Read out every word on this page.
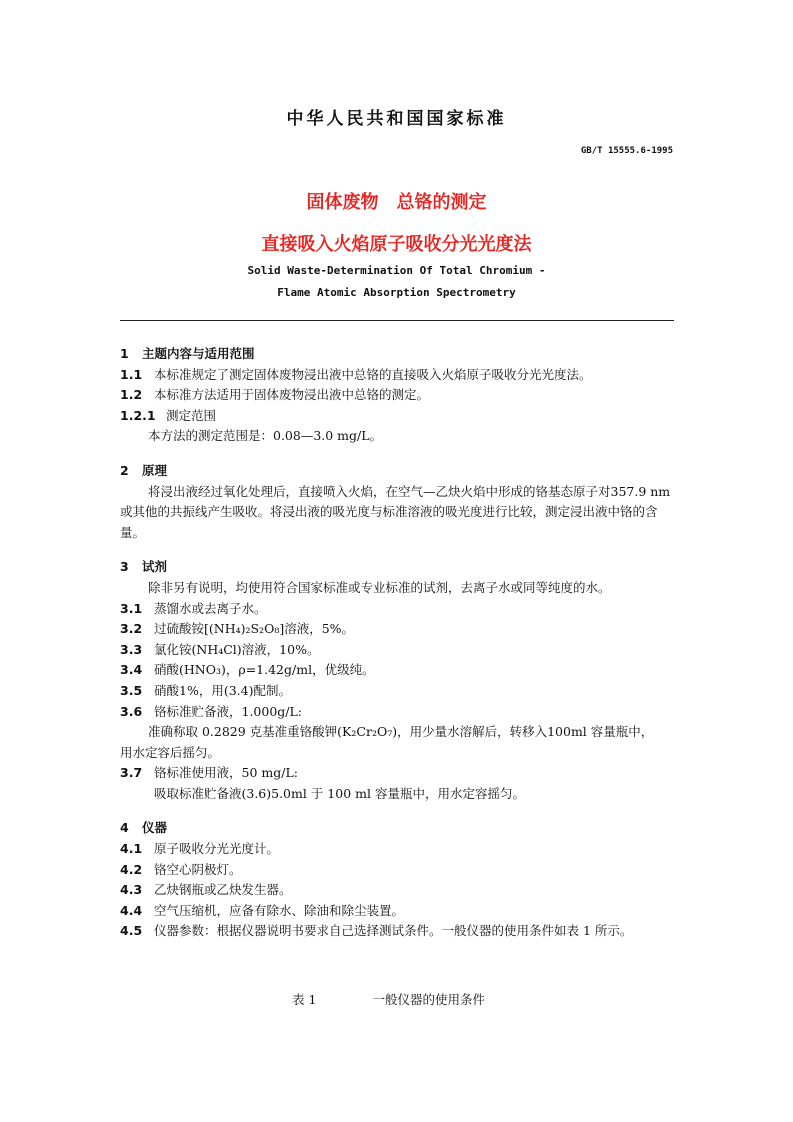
中华人民共和国国家标准
GB/T 15555.6-1995
固体废物　总铬的测定
直接吸入火焰原子吸收分光光度法
Solid Waste-Determination Of Total Chromium -
Flame Atomic Absorption Spectrometry
1 主题内容与适用范围
1.1 本标准规定了测定固体废物浸出液中总铬的直接吸入火焰原子吸收分光光度法。
1.2 本标准方法适用于固体废物浸出液中总铬的测定。
1.2.1 测定范围
本方法的测定范围是：0.08—3.0 mg/L。
2 原理
将浸出液经过氧化处理后，直接喷入火焰，在空气—乙炔火焰中形成的铬基态原子对357.9 nm 或其他的共振线产生吸收。将浸出液的吸光度与标准溶液的吸光度进行比较，测定浸出液中铬的含量。
3 试剂
除非另有说明，均使用符合国家标准或专业标准的试剂，去离子水或同等纯度的水。
3.1 蒸馏水或去离子水。
3.2 过硫酸铵[(NH₄)₂S₂O₈]溶液，5%。
3.3 氯化铵(NH₄Cl)溶液，10%。
3.4 硝酸(HNO₃)，ρ=1.42g/ml，优级纯。
3.5 硝酸1%，用(3.4)配制。
3.6 铬标准贮备液，1.000g/L:
准确称取 0.2829 克基准重铬酸钾(K₂Cr₂O₇)，用少量水溶解后，转移入100ml 容量瓶中，
用水定容后摇匀。
3.7 铬标准使用液，50 mg/L:
吸取标准贮备液(3.6)5.0ml 于 100 ml 容量瓶中，用水定容摇匀。
4 仪器
4.1 原子吸收分光光度计。
4.2 铬空心阴极灯。
4.3 乙炔钢瓶或乙炔发生器。
4.4 空气压缩机，应备有除水、除油和除尘装置。
4.5 仪器参数：根据仪器说明书要求自己选择测试条件。一般仪器的使用条件如表 1 所示。
表 1	一般仪器的使用条件
